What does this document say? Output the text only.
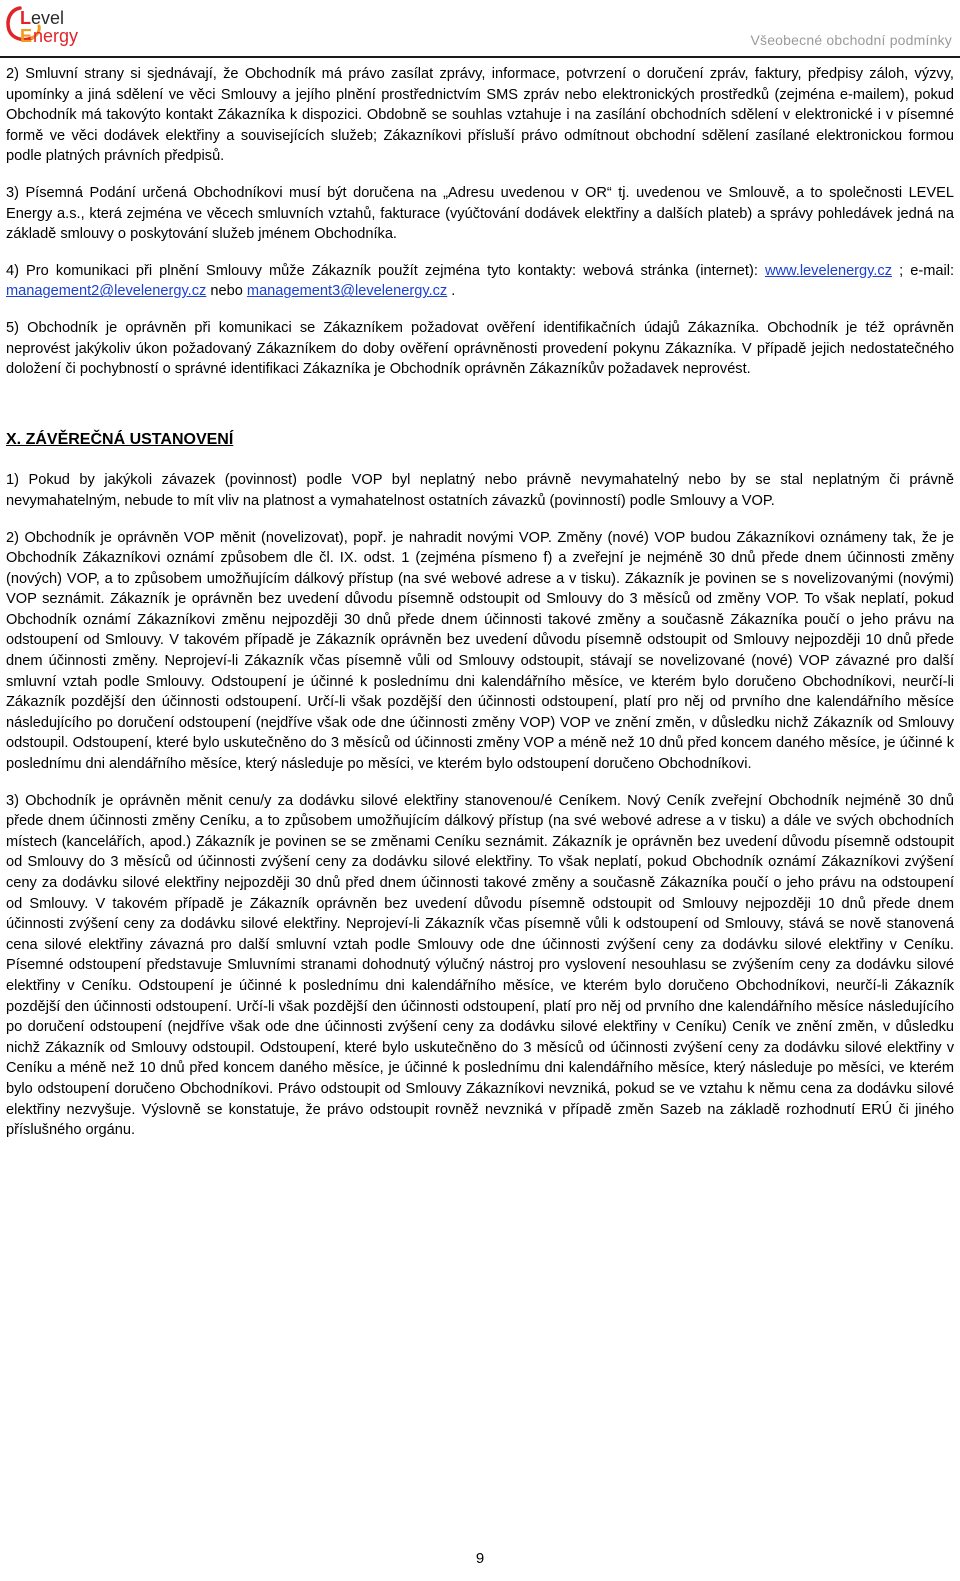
L evel
E nergy	Všeobecné obchodní podmínky

2) Smluvní strany si sjednávají, že Obchodník má právo zasílat zprávy, informace, potvrzení o doručení zpráv, faktury, předpisy záloh, výzvy, upomínky a jiná sdělení ve věci Smlouvy a jejího plnění prostřednictvím SMS zpráv nebo elektronických prostředků (zejména e-mailem), pokud Obchodník má takovýto kontakt Zákazníka k dispozici. Obdobně se souhlas vztahuje i na zasílání obchodních sdělení v elektronické i v písemné formě ve věci dodávek elektřiny a souvisejících služeb; Zákazníkovi přísluší právo odmítnout obchodní sdělení zasílané elektronickou formou podle platných právních předpisů.

3) Písemná Podání určená Obchodníkovi musí být doručena na „Adresu uvedenou v OR“ tj. uvedenou ve Smlouvě, a to společnosti LEVEL Energy a.s., která zejména ve věcech smluvních vztahů, fakturace (vyúčtování dodávek elektřiny a dalších plateb) a správy pohledávek jedná na základě smlouvy o poskytování služeb jménem Obchodníka.

4) Pro komunikaci při plnění Smlouvy může Zákazník použít zejména tyto kontakty: webová stránka (internet): www.levelenergy.cz ; e-mail: management2@levelenergy.cz nebo management3@levelenergy.cz .

5) Obchodník je oprávněn při komunikaci se Zákazníkem požadovat ověření identifikačních údajů Zákazníka. Obchodník je též oprávněn neprovést jakýkoliv úkon požadovaný Zákazníkem do doby ověření oprávněnosti provedení pokynu Zákazníka. V případě jejich nedostatečného doložení či pochybností o správné identifikaci Zákazníka je Obchodník oprávněn Zákazníkův požadavek neprovést.

X. ZÁVĚREČNÁ USTANOVENÍ

1) Pokud by jakýkoli závazek (povinnost) podle VOP byl neplatný nebo právně nevymahatelný nebo by se stal neplatným či právně nevymahatelným, nebude to mít vliv na platnost a vymahatelnost ostatních závazků (povinností) podle Smlouvy a VOP.

2) Obchodník je oprávněn VOP měnit (novelizovat), popř. je nahradit novými VOP. Změny (nové) VOP budou Zákazníkovi oznámeny tak, že je Obchodník Zákazníkovi oznámí způsobem dle čl. IX. odst. 1 (zejména písmeno f) a zveřejní je nejméně 30 dnů přede dnem účinnosti změny (nových) VOP, a to způsobem umožňujícím dálkový přístup (na své webové adrese a v tisku). Zákazník je povinen se s novelizovanými (novými) VOP seznámit. Zákazník je oprávněn bez uvedení důvodu písemně odstoupit od Smlouvy do 3 měsíců od změny VOP. To však neplatí, pokud Obchodník oznámí Zákazníkovi změnu nejpozději 30 dnů přede dnem účinnosti takové změny a současně Zákazníka poučí o jeho právu na odstoupení od Smlouvy. V takovém případě je Zákazník oprávněn bez uvedení důvodu písemně odstoupit od Smlouvy nejpozději 10 dnů přede dnem účinnosti změny. Neprojeví-li Zákazník včas písemně vůli od Smlouvy odstoupit, stávají se novelizované (nové) VOP závazné pro další smluvní vztah podle Smlouvy. Odstoupení je účinné k poslednímu dni kalendářního měsíce, ve kterém bylo doručeno Obchodníkovi, neurčí-li Zákazník pozdější den účinnosti odstoupení. Určí-li však pozdější den účinnosti odstoupení, platí pro něj od prvního dne kalendářního měsíce následujícího po doručení odstoupení (nejdříve však ode dne účinnosti změny VOP) VOP ve znění změn, v důsledku nichž Zákazník od Smlouvy odstoupil. Odstoupení, které bylo uskutečněno do 3 měsíců od účinnosti změny VOP a méně než 10 dnů před koncem daného měsíce, je účinné k poslednímu dni alendářního měsíce, který následuje po měsíci, ve kterém bylo odstoupení doručeno Obchodníkovi.

3) Obchodník je oprávněn měnit cenu/y za dodávku silové elektřiny stanovenou/é Ceníkem. Nový Ceník zveřejní Obchodník nejméně 30 dnů přede dnem účinnosti změny Ceníku, a to způsobem umožňujícím dálkový přístup (na své webové adrese a v tisku) a dále ve svých obchodních místech (kancelářích, apod.) Zákazník je povinen se se změnami Ceníku seznámit. Zákazník je oprávněn bez uvedení důvodu písemně odstoupit od Smlouvy do 3 měsíců od účinnosti zvýšení ceny za dodávku silové elektřiny. To však neplatí, pokud Obchodník oznámí Zákazníkovi zvýšení ceny za dodávku silové elektřiny nejpozději 30 dnů před dnem účinnosti takové změny a současně Zákazníka poučí o jeho právu na odstoupení od Smlouvy. V takovém případě je Zákazník oprávněn bez uvedení důvodu písemně odstoupit od Smlouvy nejpozději 10 dnů přede dnem účinnosti zvýšení ceny za dodávku silové elektřiny. Neprojeví-li Zákazník včas písemně vůli k odstoupení od Smlouvy, stává se nově stanovená cena silové elektřiny závazná pro další smluvní vztah podle Smlouvy ode dne účinnosti zvýšení ceny za dodávku silové elektřiny v Ceníku. Písemné odstoupení představuje Smluvními stranami dohodnutý výlučný nástroj pro vyslovení nesouhlasu se zvýšením ceny za dodávku silové elektřiny v Ceníku. Odstoupení je účinné k poslednímu dni kalendářního měsíce, ve kterém bylo doručeno Obchodníkovi, neurčí-li Zákazník pozdější den účinnosti odstoupení. Určí-li však pozdější den účinnosti odstoupení, platí pro něj od prvního dne kalendářního měsíce následujícího po doručení odstoupení (nejdříve však ode dne účinnosti zvýšení ceny za dodávku silové elektřiny v Ceníku) Ceník ve znění změn, v důsledku nichž Zákazník od Smlouvy odstoupil. Odstoupení, které bylo uskutečněno do 3 měsíců od účinnosti zvýšení ceny za dodávku silové elektřiny v Ceníku a méně než 10 dnů před koncem daného měsíce, je účinné k poslednímu dni kalendářního měsíce, který následuje po měsíci, ve kterém bylo odstoupení doručeno Obchodníkovi. Právo odstoupit od Smlouvy Zákazníkovi nevzniká, pokud se ve vztahu k němu cena za dodávku silové elektřiny nezvyšuje. Výslovně se konstatuje, že právo odstoupit rovněž nevzniká v případě změn Sazeb na základě rozhodnutí ERÚ či jiného příslušného orgánu.

9
